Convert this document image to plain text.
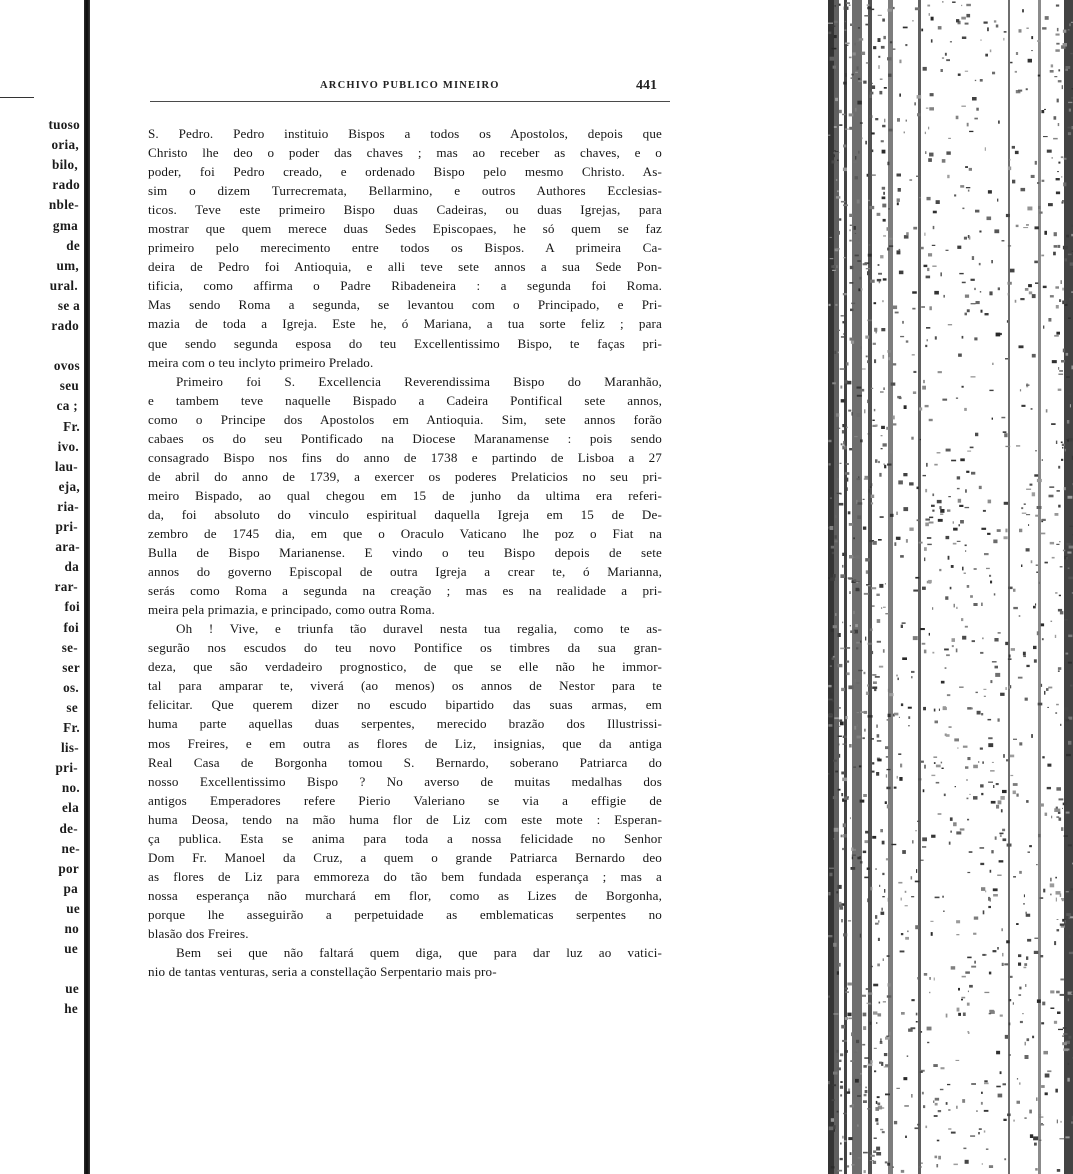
tuoso
oria,
bilo,
rado
nble-
gma
de
um,
ural.
se a
rado
ovos
seu
ca ;
Fr.
ivo.
lau-
eja,
ria-
pri-
ara-
da
rar-
foi
foi
se-
ser
os.
se
Fr.
lis-
pri-
no.
ela
de-
ne-
por
pa
ue
no
ue
ue
he
ARCHIVO PUBLICO MINEIRO	441
S. Pedro. Pedro instituio Bispos a todos os Apostolos, depois que
Christo lhe deo o poder das chaves ; mas ao receber as chaves, e o
poder, foi Pedro creado, e ordenado Bispo pelo mesmo Christo. As-
sim o dizem Turrecremata, Bellarmino, e outros Authores Ecclesias-
ticos. Teve este primeiro Bispo duas Cadeiras, ou duas Igrejas, para
mostrar que quem merece duas Sedes Episcopaes, he só quem se faz
primeiro pelo merecimento entre todos os Bispos. A primeira Ca-
deira de Pedro foi Antioquia, e alli teve sete annos a sua Sede Pon-
tificia, como affirma o Padre Ribadeneira : a segunda foi Roma.
Mas sendo Roma a segunda, se levantou com o Principado, e Pri-
mazia de toda a Igreja. Este he, ó Mariana, a tua sorte feliz ; para
que sendo segunda esposa do teu Excellentissimo Bispo, te faças pri-
meira com o teu inclyto primeiro Prelado.
Primeiro foi S. Excellencia Reverendissima Bispo do Maranhão,
e tambem teve naquelle Bispado a Cadeira Pontifical sete annos,
como o Principe dos Apostolos em Antioquia. Sim, sete annos forão
cabaes os do seu Pontificado na Diocese Maranamense : pois sendo
consagrado Bispo nos fins do anno de 1738 e partindo de Lisboa a 27
de abril do anno de 1739, a exercer os poderes Prelaticios no seu pri-
meiro Bispado, ao qual chegou em 15 de junho da ultima era referi-
da, foi absoluto do vinculo espiritual daquella Igreja em 15 de De-
zembro de 1745 dia, em que o Oraculo Vaticano lhe poz o Fiat na
Bulla de Bispo Marianense. E vindo o teu Bispo depois de sete
annos do governo Episcopal de outra Igreja a crear te, ó Marianna,
serás como Roma a segunda na creação ; mas es na realidade a pri-
meira pela primazia, e principado, como outra Roma.
Oh ! Vive, e triunfa tão duravel nesta tua regalia, como te as-
segurão nos escudos do teu novo Pontifice os timbres da sua gran-
deza, que são verdadeiro prognostico, de que se elle não he immor-
tal para amparar te, viverá (ao menos) os annos de Nestor para te
felicitar. Que querem dizer no escudo bipartido das suas armas, em
huma parte aquellas duas serpentes, merecido brazão dos Illustrissi-
mos Freires, e em outra as flores de Liz, insignias, que da antiga
Real Casa de Borgonha tomou S. Bernardo, soberano Patriarca do
nosso Excellentissimo Bispo ? No averso de muitas medalhas dos
antigos Emperadores refere Pierio Valeriano se via a effigie de
huma Deosa, tendo na mão huma flor de Liz com este mote : Esperan-
ça publica. Esta se anima para toda a nossa felicidade no Senhor
Dom Fr. Manoel da Cruz, a quem o grande Patriarca Bernardo deo
as flores de Liz para emmoreza do tão bem fundada esperança ; mas a
nossa esperança não murchará em flor, como as Lizes de Borgonha,
porque lhe asseguirão a perpetuidade as emblematicas serpentes no
blasão dos Freires.
Bem sei que não faltará quem diga, que para dar luz ao vatici-
nio de tantas venturas, seria a constellação Serpentario mais pro-
